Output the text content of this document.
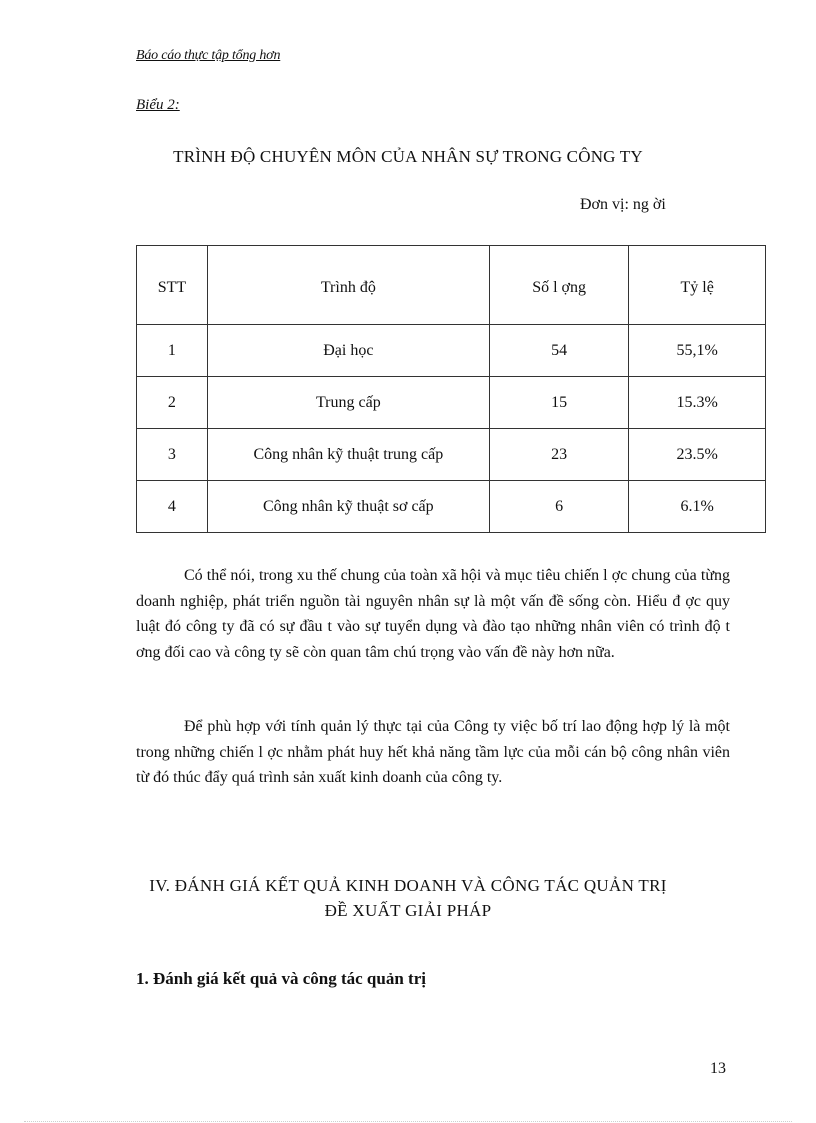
Báo cáo thực tập tổng hơn
Biểu 2:
TRÌNH ĐỘ CHUYÊN MÔN CỦA NHÂN SỰ TRONG CÔNG TY
Đơn vị: ng ời
STT	Trình độ	Số l ợng	Tỷ lệ
1	Đại học	54	55,1%
2	Trung cấp	15	15.3%
3	Công nhân kỹ thuật trung cấp	23	23.5%
4	Công nhân kỹ thuật sơ cấp	6	6.1%

Có thể nói, trong xu thế chung của toàn xã hội và mục tiêu chiến l ợc chung của từng doanh nghiệp, phát triển nguồn tài nguyên nhân sự là một vấn đề sống còn. Hiểu đ ợc quy luật đó công ty đã có sự đầu t vào sự tuyển dụng và đào tạo những nhân viên có trình độ t ơng đối cao và công ty sẽ còn quan tâm chú trọng vào vấn đề này hơn nữa.

Để phù hợp với tính quản lý thực tại của Công ty việc bố trí lao động hợp lý là một trong những chiến l ợc nhằm phát huy hết khả năng tầm lực của mỗi cán bộ công nhân viên từ đó thúc đẩy quá trình sản xuất kinh doanh của công ty.

IV. ĐÁNH GIÁ KẾT QUẢ KINH DOANH VÀ CÔNG TÁC QUẢN TRỊ
ĐỀ XUẤT GIẢI PHÁP
1. Đánh giá kết quả và công tác quản trị
13
